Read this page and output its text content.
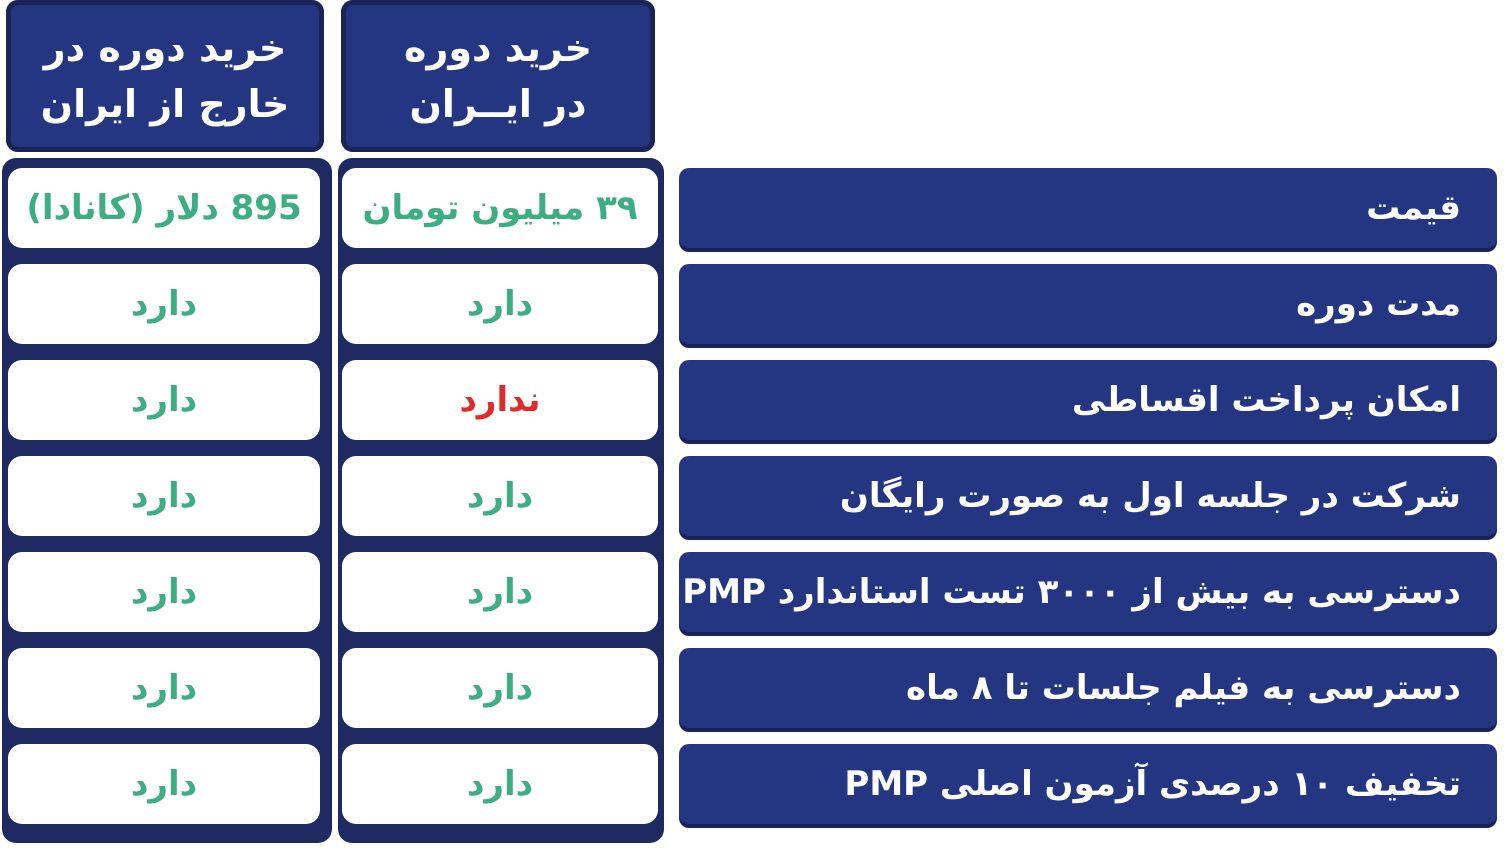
خرید دوره در
خارج از ایران
خرید دوره
در ایــران
قیمت
۳۹ میلیون تومان
895 دلار (کانادا)
مدت دوره
دارد
دارد
امکان پرداخت اقساطی
ندارد
دارد
شرکت در جلسه اول به صورت رایگان
دارد
دارد
دسترسی به بیش از ۳۰۰۰ تست استاندارد PMP
دارد
دارد
دسترسی به فیلم جلسات تا ۸ ماه
دارد
دارد
تخفیف ۱۰ درصدی آزمون اصلی PMP
دارد
دارد
